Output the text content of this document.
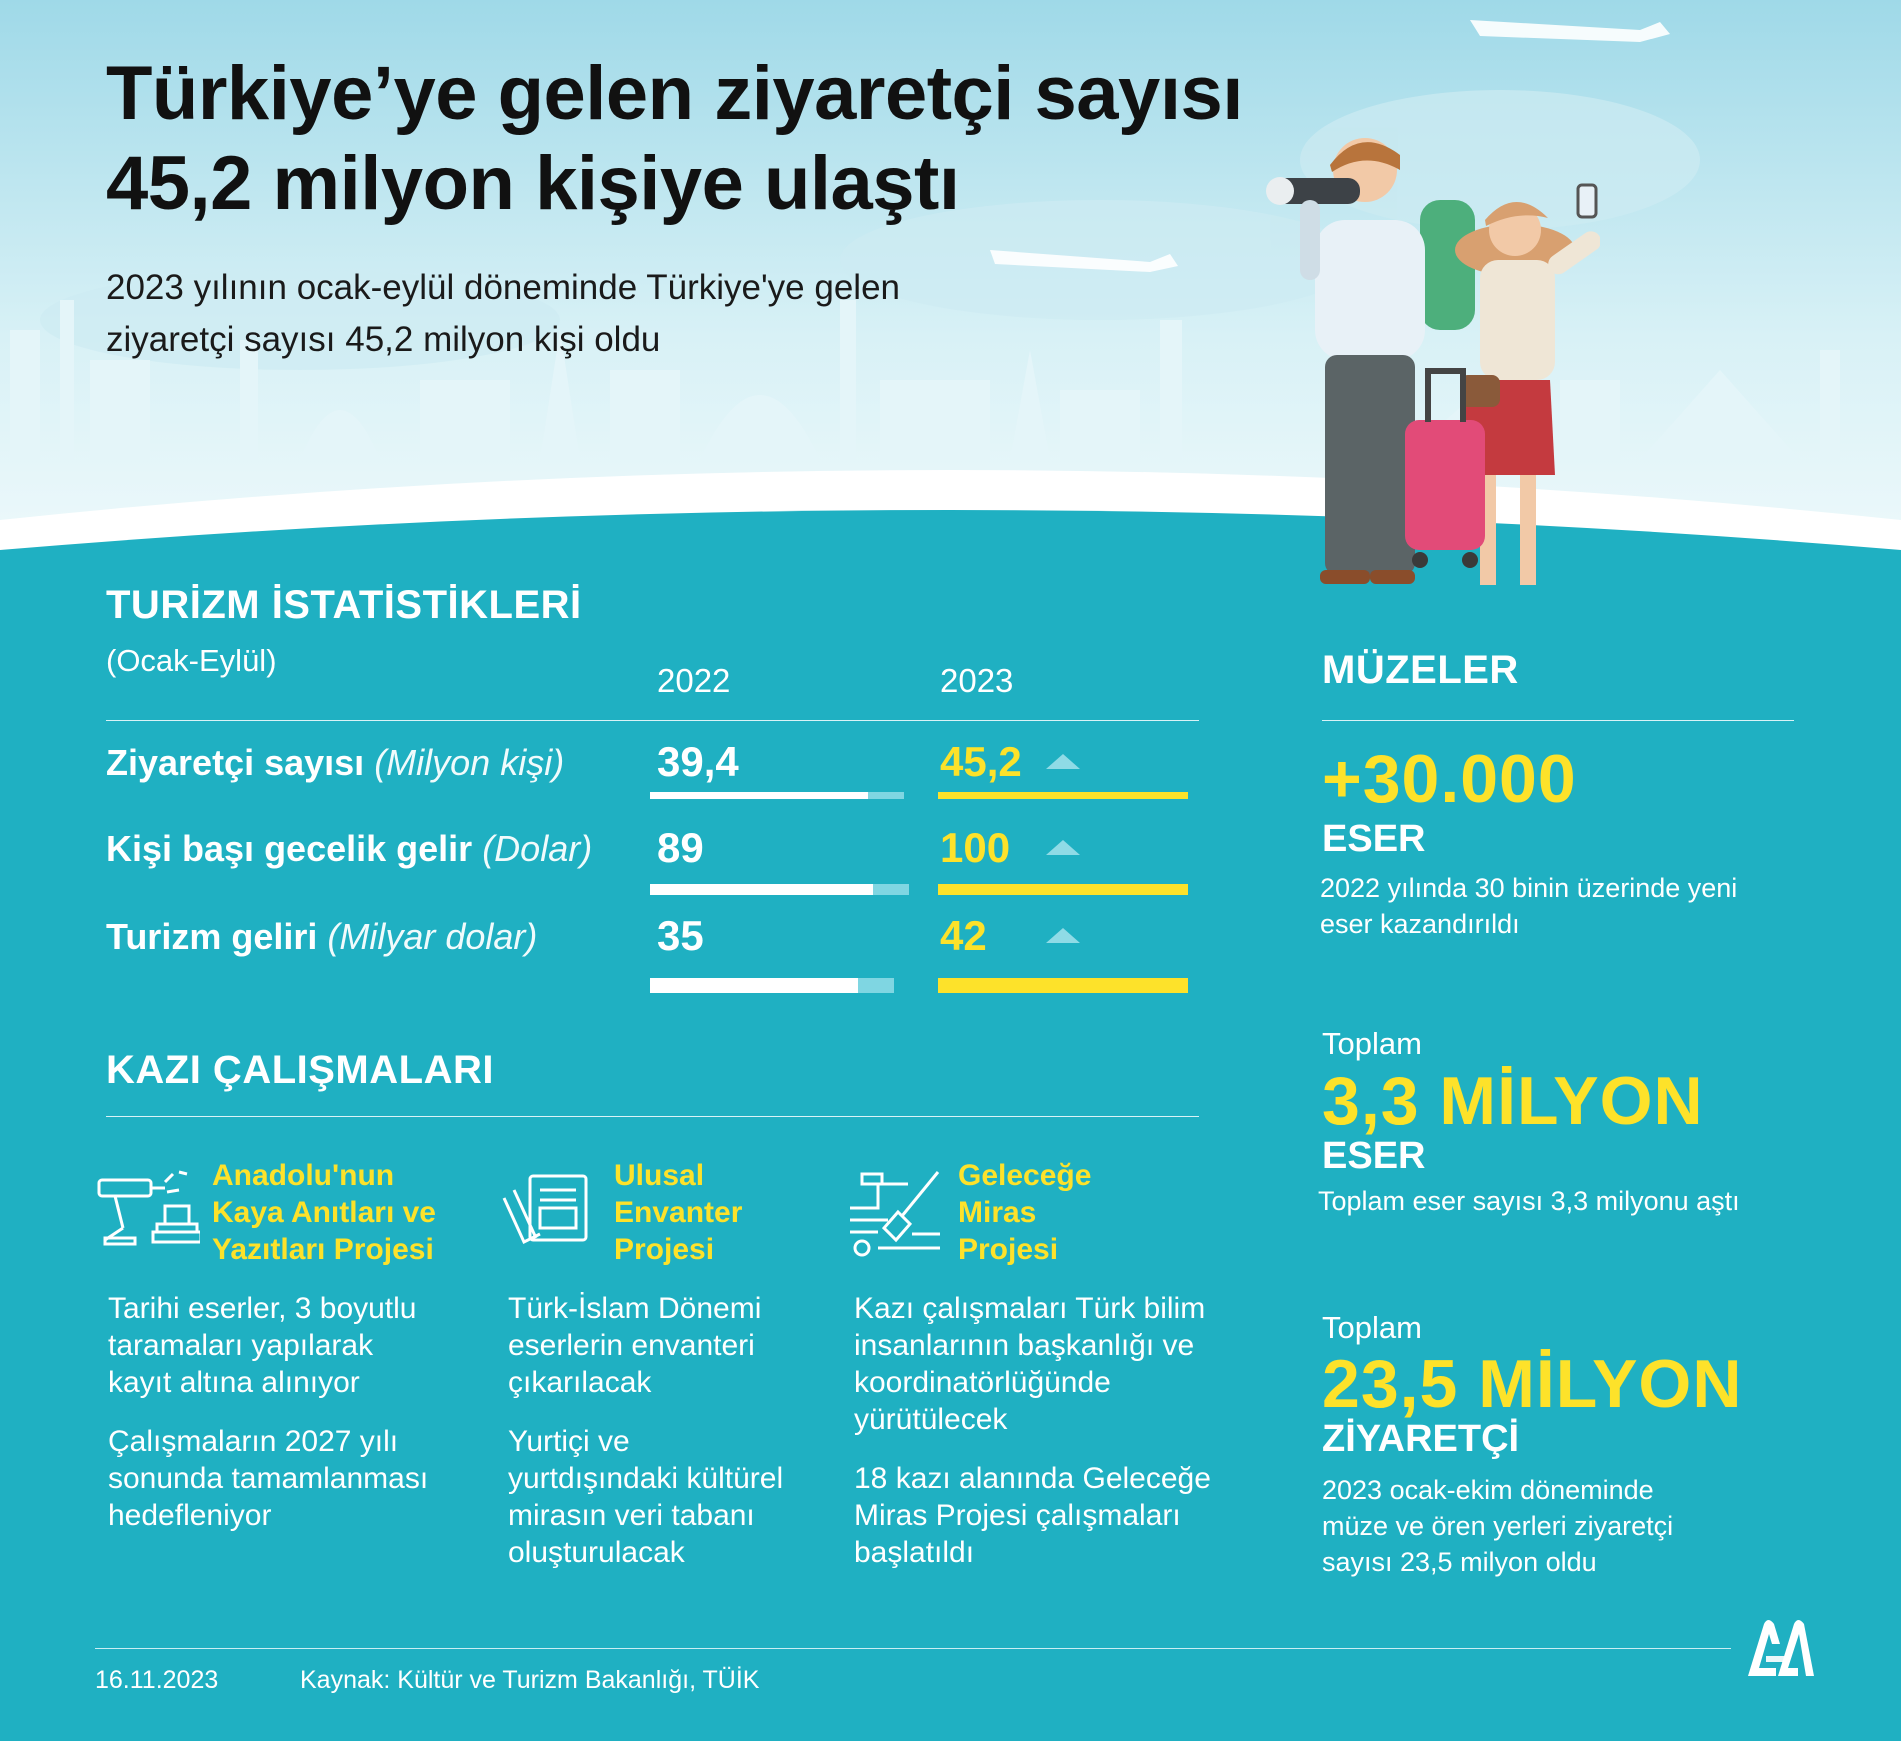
Türkiye’ye gelen ziyaretçi sayısı
45,2 milyon kişiye ulaştı
2023 yılının ocak-eylül döneminde Türkiye'ye gelen
ziyaretçi sayısı 45,2 milyon kişi oldu
TURİZM İSTATİSTİKLERİ
(Ocak-Eylül)
2022	2023
KAZI ÇALIŞMALARI
MÜZELER
+30.000
ESER
2022 yılında 30 binin üzerinde yeni
eser kazandırıldı
Toplam
3,3 MİLYON
ESER
Toplam eser sayısı 3,3 milyonu aştı
Toplam
23,5 MİLYON
ZİYARETÇİ
2023 ocak-ekim döneminde
müze ve ören yerleri ziyaretçi
sayısı 23,5 milyon oldu
16.11.2023	Kaynak: Kültür ve Turizm Bakanlığı, TÜİK
Ziyaretçi sayısı (Milyon kişi) 39,4	45,2
Kişi başı gecelik gelir (Dolar) 89	100
Turizm geliri (Milyar dolar)	35	42
Anadolu'nun
Kaya Anıtları ve
Yazıtları Projesi
Tarihi eserler, 3 boyutlu
taramaları yapılarak
kayıt altına alınıyor
Çalışmaların 2027 yılı
sonunda tamamlanması
hedefleniyor
Ulusal
Envanter
Projesi
Türk-İslam Dönemi
eserlerin envanteri
çıkarılacak
Yurtiçi ve
yurtdışındaki kültürel
mirasın veri tabanı
oluşturulacak
Geleceğe
Miras
Projesi
Kazı çalışmaları Türk bilim
insanlarının başkanlığı ve
koordinatörlüğünde
yürütülecek
18 kazı alanında Geleceğe
Miras Projesi çalışmaları
başlatıldı
